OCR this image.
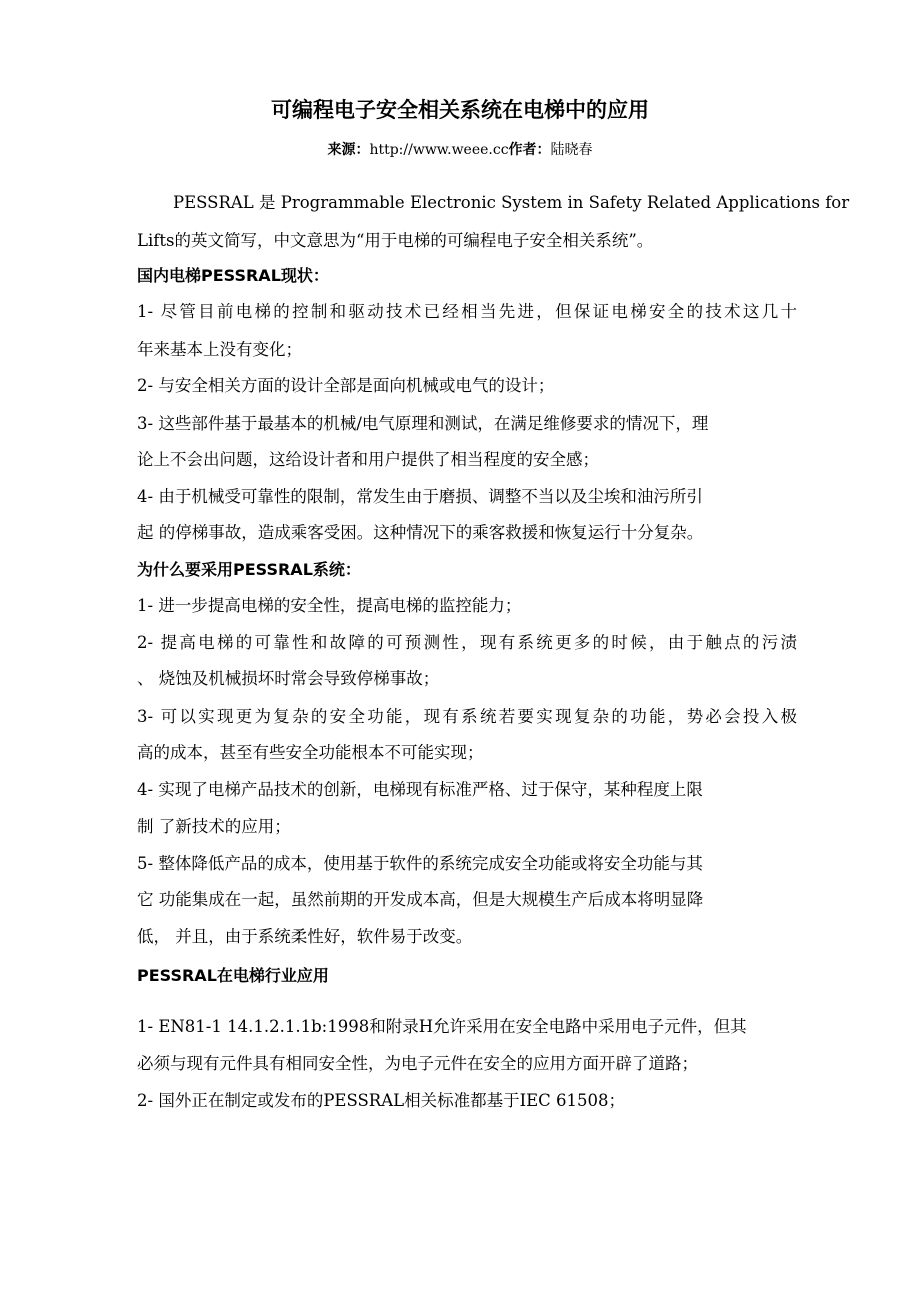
可编程电子安全相关系统在电梯中的应用
来源：http://www.weee.cc作者：陆晓春
PESSRAL 是 Programmable Electronic System in Safety Related Applications for
Lifts的英文简写，中文意思为“用于电梯的可编程电子安全相关系统”。
国内电梯PESSRAL现状：
1- 尽管目前电梯的控制和驱动技术已经相当先进，但保证电梯安全的技术这几十
年来基本上没有变化；
2- 与安全相关方面的设计全部是面向机械或电气的设计；
3- 这些部件基于最基本的机械/电气原理和测试，在满足维修要求的情况下，理
论上不会出问题，这给设计者和用户提供了相当程度的安全感；
4- 由于机械受可靠性的限制，常发生由于磨损、调整不当以及尘埃和油污所引
起 的停梯事故，造成乘客受困。这种情况下的乘客救援和恢复运行十分复杂。
为什么要采用PESSRAL系统：
1- 进一步提高电梯的安全性，提高电梯的监控能力；
2- 提高电梯的可靠性和故障的可预测性，现有系统更多的时候，由于触点的污渍
、 烧蚀及机械损坏时常会导致停梯事故；
3- 可以实现更为复杂的安全功能，现有系统若要实现复杂的功能，势必会投入极
高的成本，甚至有些安全功能根本不可能实现；
4- 实现了电梯产品技术的创新，电梯现有标准严格、过于保守，某种程度上限
制 了新技术的应用；
5- 整体降低产品的成本，使用基于软件的系统完成安全功能或将安全功能与其
它 功能集成在一起，虽然前期的开发成本高，但是大规模生产后成本将明显降
低， 并且，由于系统柔性好，软件易于改变。
PESSRAL在电梯行业应用
1- EN81-1 14.1.2.1.1b:1998和附录H允许采用在安全电路中采用电子元件，但其
必须与现有元件具有相同安全性，为电子元件在安全的应用方面开辟了道路；
2- 国外正在制定或发布的PESSRAL相关标准都基于IEC 61508；
